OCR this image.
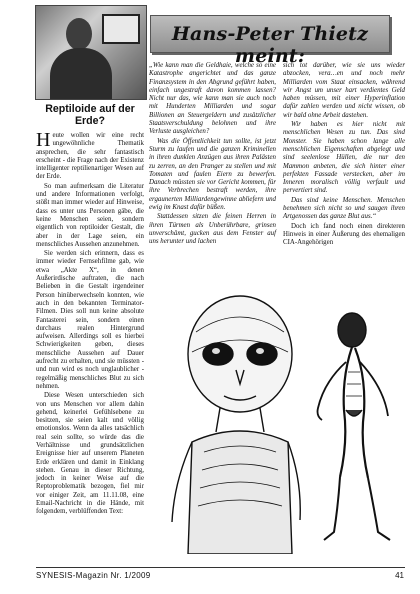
Hans-Peter Thietz meint:
Reptiloide auf der Erde?

Heute wollen wir eine recht ungewöhnliche Thematik ansprechen, die sehr fantastisch erscheint - die Frage nach der Existenz intelligenter reptilienartiger Wesen auf der Erde.

So man aufmerksam die Literatur und andere Informationen verfolgt, stößt man immer wieder auf Hinweise, dass es unter uns Personen gäbe, die keine Menschen seien, sondern eigentlich von reptiloider Gestalt, die aber in der Lage seien, ein menschliches Aussehen anzunehmen.

Sie werden sich erinnern, dass es immer wieder Fernsehfilme gab, wie etwa „Akte X“, in denen Außerirdische auftraten, die nach Belieben in die Gestalt irgendeiner Person hinüberwechseln konnten, wie auch in den bekannten Terminator-Filmen. Dies soll nun keine absolute Fantasterei sein, sondern einen durchaus realen Hintergrund aufweisen. Allerdings soll es hierbei Schwierigkeiten geben, dieses menschliche Aussehen auf Dauer aufrecht zu erhalten, und sie müssten - und nun wird es noch unglaublicher - regelmäßig menschliches Blut zu sich nehmen.

Diese Wesen unterschieden sich von uns Menschen vor allem dahin gehend, keinerlei Gefühlsebene zu besitzen, sie seien kalt und völlig emotionslos. Wenn da alles tatsächlich real sein sollte, so würde das die Verhältnisse und grundsätzlichen Ereignisse hier auf unserem Planeten Erde erklären und damit in Einklang stehen. Genau in dieser Richtung, jedoch in keiner Weise auf die Reptoproblematik bezogen, fiel mir vor einiger Zeit, am 11.11.08, eine Email-Nachricht in die Hände, mit folgendem, verblüffenden Text:

„Wie kann man die Geldhaie, welche so eine Katastrophe angerichtet und das ganze Finanzsystem in den Abgrund geführt haben, einfach ungestraft davon kommen lassen? Nicht nur das, wie kann man sie auch noch mit Hunderten Milliarden und sogar Billionen an Steuergeldern und zusätzlicher Staatsverschuldung belohnen und ihre Verluste ausgleichen?

Was die Öffentlichkeit tun sollte, ist jetzt Sturm zu laufen und die ganzen Kriminellen in ihren dunklen Anzügen aus ihren Palästen zu zerren, an den Pranger zu stellen und mit Tomaten und faulen Eiern zu bewerfen. Danach müssten sie vor Gericht kommen, für ihre Verbrechen bestraft werden, ihre ergaunerten Milliardengewinne abliefern und ewig im Knast dafür büßen.

Stattdessen sitzen die feinen Herren in ihren Türmen als Unberührbare, grinsen unverschämt, gucken aus dem Fenster auf uns herunter und lachen

sich tot darüber, wie sie uns wieder abzocken, vera…en und noch mehr Milliarden vom Staat einsacken, während wir Angst um unser hart verdientes Geld haben müssen, mit einer Hyperinflation dafür zahlen werden und nicht wissen, ob wir bald ohne Arbeit dastehen.

Wir haben es hier nicht mit menschlichen Wesen zu tun. Das sind Monster. Sie haben schon lange alle menschlichen Eigenschaften abgelegt und sind seelenlose Hüllen, die nur den Mammon anbeten, die sich hinter einer perfekten Fassade verstecken, aber im Inneren moralisch völlig verfault und pervertiert sind.

Das sind keine Menschen. Menschen benehmen sich nicht so und saugen ihren Artgenossen das ganze Blut aus.“

Doch ich fand noch einen direkteren Hinweis in einer Äußerung des ehemaligen CIA-Angehörigen

SYNESIS-Magazin Nr. 1/2009	41
